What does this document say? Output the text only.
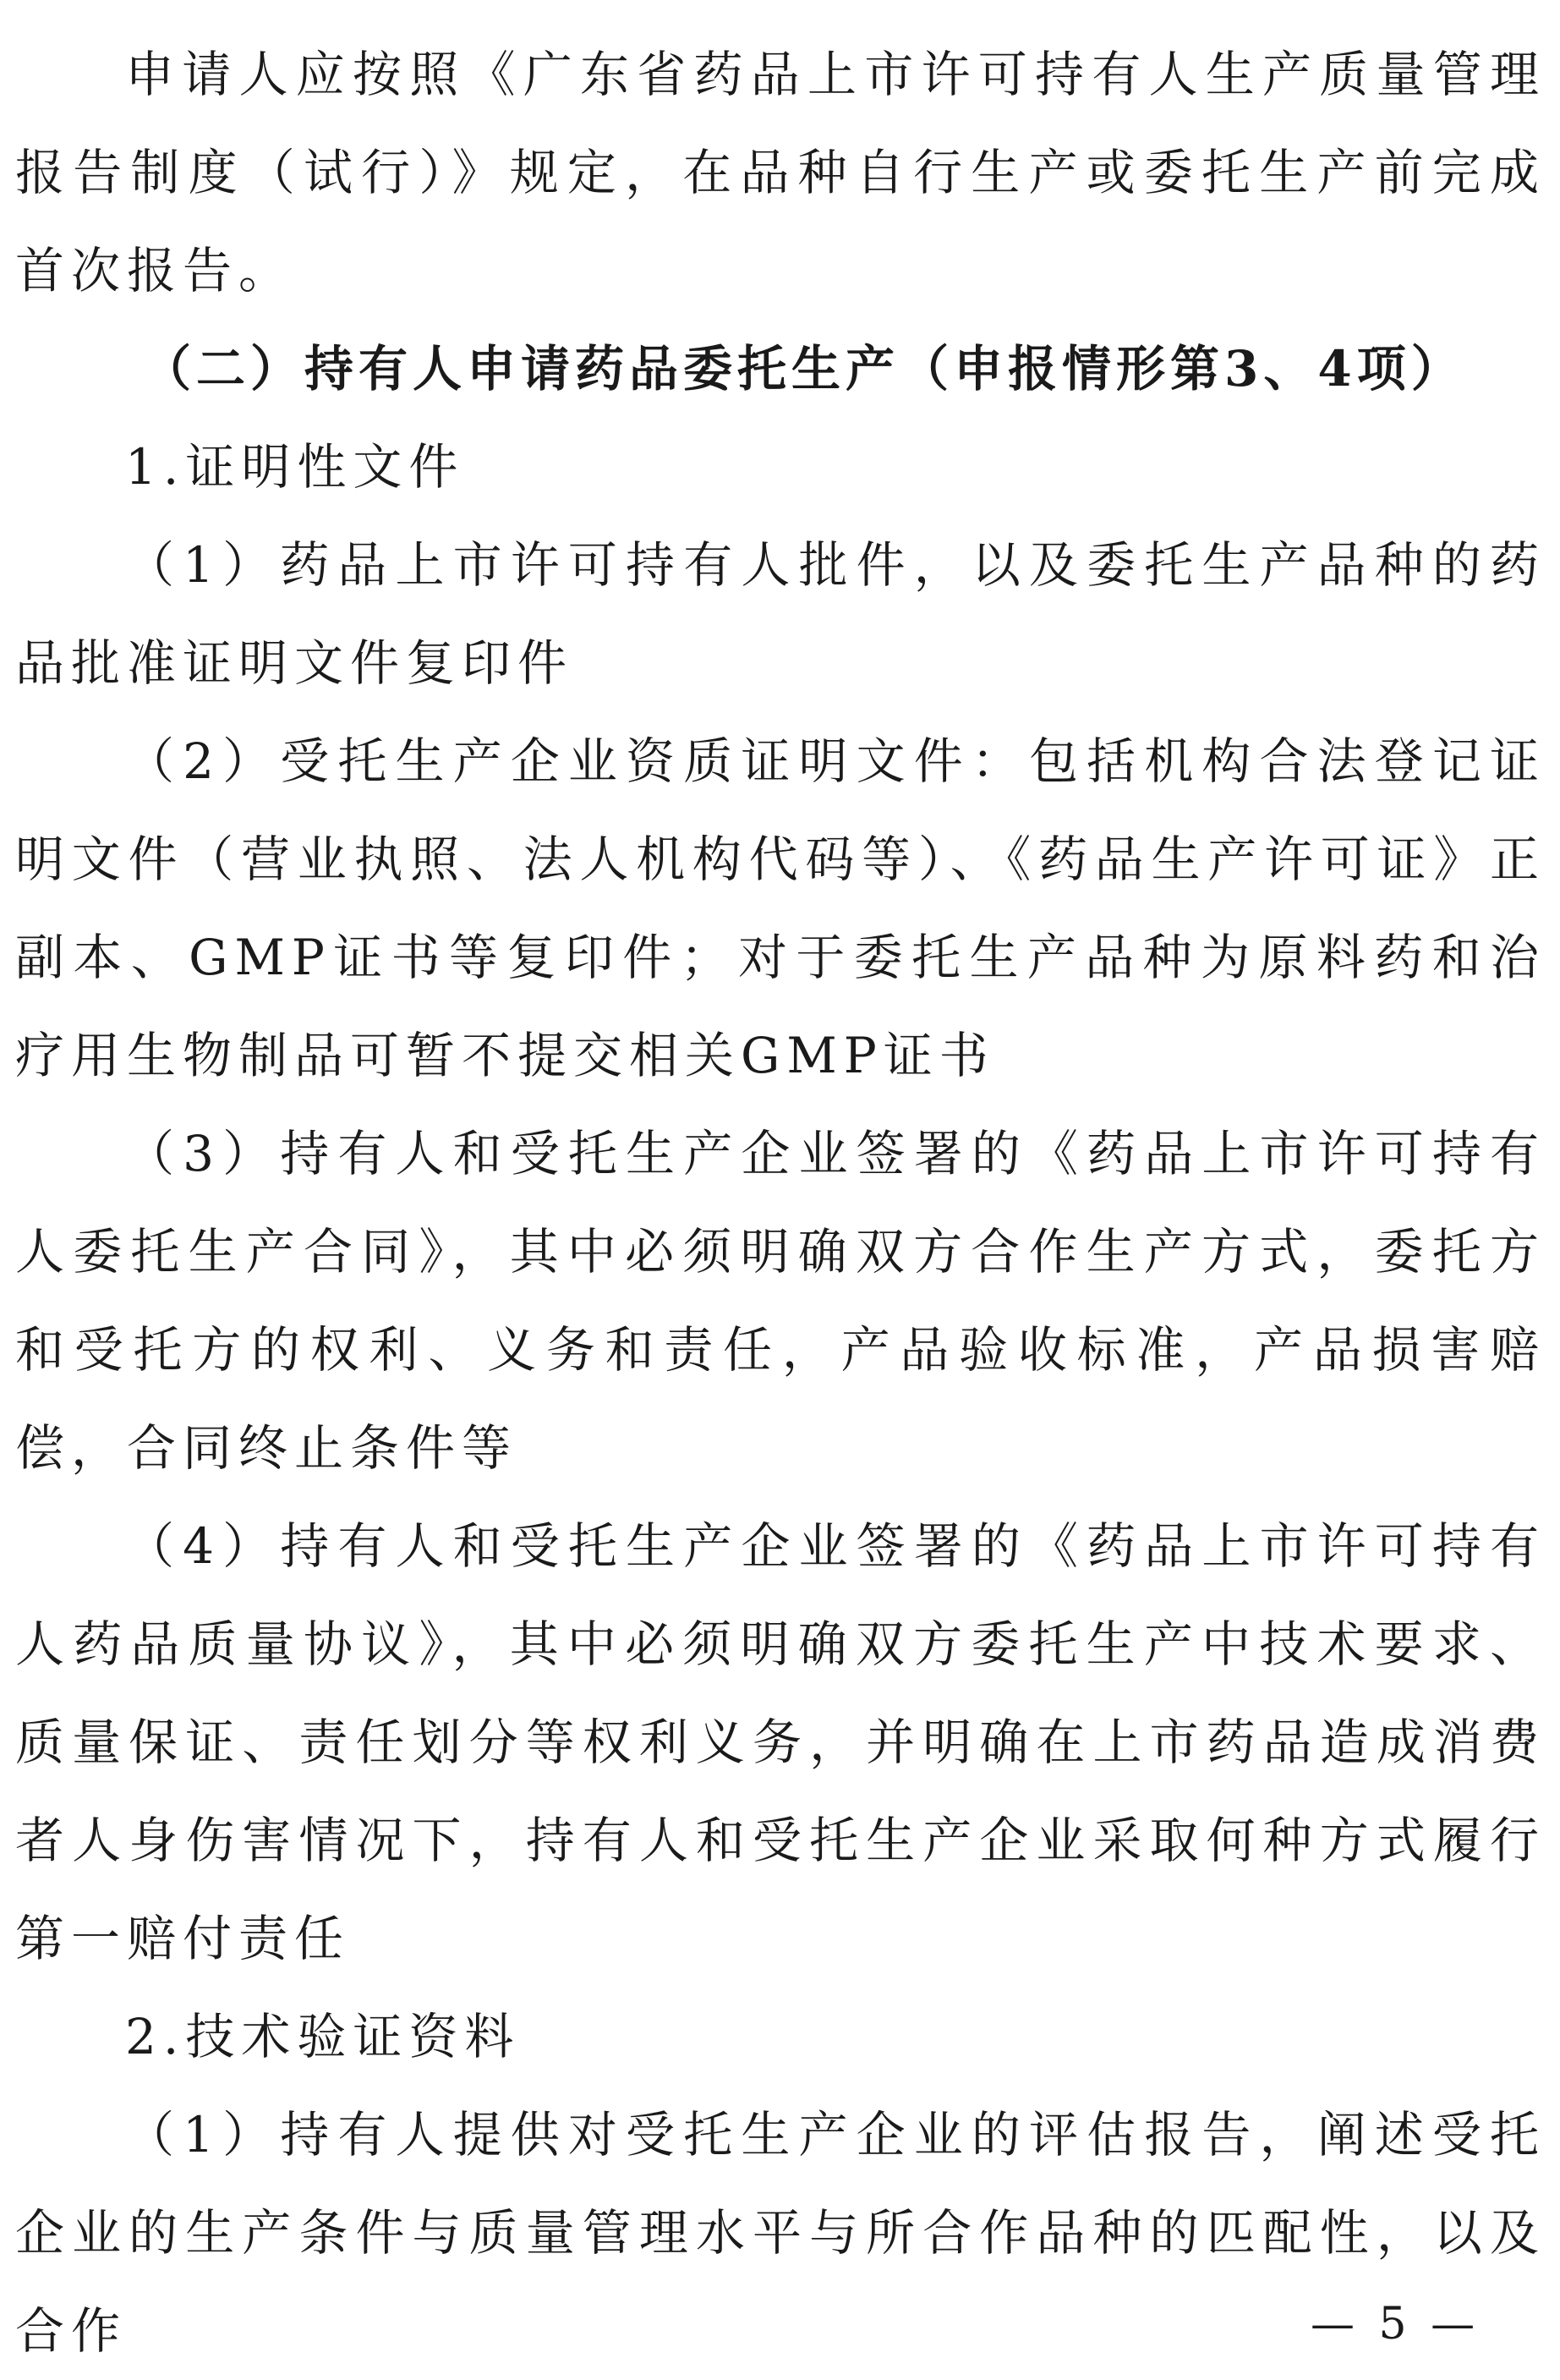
申请人应按照《广东省药品上市许可持有人生产质量管理报告制度（试行）》规定，在品种自行生产或委托生产前完成首次报告。

（二）持有人申请药品委托生产（申报情形第3、4项）

1.证明性文件

（1）药品上市许可持有人批件，以及委托生产品种的药品批准证明文件复印件

（2）受托生产企业资质证明文件：包括机构合法登记证明文件（营业执照、法人机构代码等）、《药品生产许可证》正副本、GMP证书等复印件；对于委托生产品种为原料药和治疗用生物制品可暂不提交相关GMP证书

（3）持有人和受托生产企业签署的《药品上市许可持有人委托生产合同》，其中必须明确双方合作生产方式，委托方和受托方的权利、义务和责任，产品验收标准，产品损害赔偿，合同终止条件等

（4）持有人和受托生产企业签署的《药品上市许可持有人药品质量协议》，其中必须明确双方委托生产中技术要求、质量保证、责任划分等权利义务，并明确在上市药品造成消费者人身伤害情况下，持有人和受托生产企业采取何种方式履行第一赔付责任

2.技术验证资料

（1）持有人提供对受托生产企业的评估报告，阐述受托企业的生产条件与质量管理水平与所合作品种的匹配性，以及合作	— 5 —
